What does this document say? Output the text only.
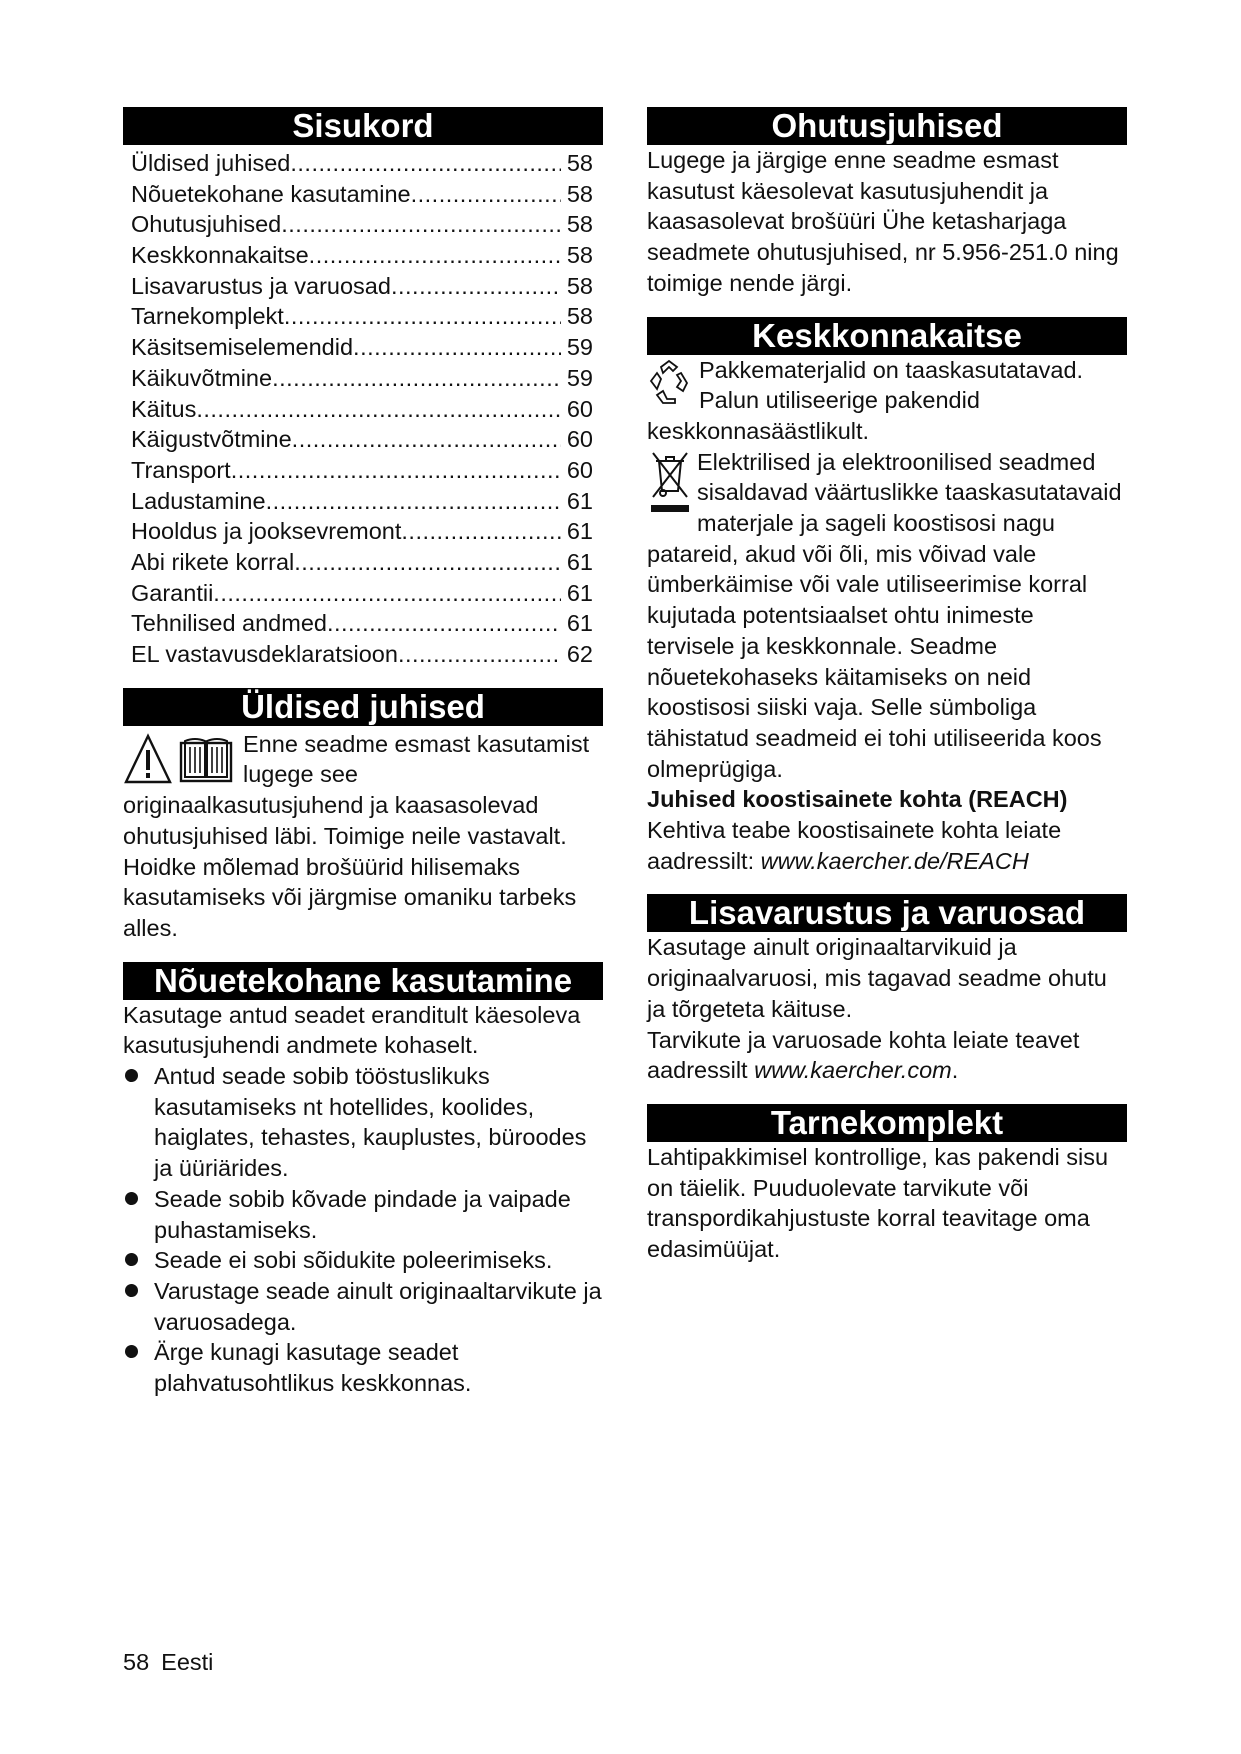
Sisukord
Üldised juhised .....	58
Nõuetekohane kasutamine .....	58
Ohutusjuhised .....	58
Keskkonnakaitse .....	58
Lisavarustus ja varuosad .....	58
Tarnekomplekt .....	58
Käsitsemiselemendid .....	59
Käikuvõtmine .....	59
Käitus .....	60
Käigustvõtmine .....	60
Transport .....	60
Ladustamine .....	61
Hooldus ja jooksevremont .....	61
Abi rikete korral .....	61
Garantii .....	61
Tehnilised andmed .....	61
EL vastavusdeklaratsioon .....	62
Üldised juhised

Enne seadme esmast kasutamist lugege see originaalkasutusjuhend ja kaasasolevad ohutusjuhised läbi. Toimige neile vastavalt.

Hoidke mõlemad brošüürid hilisemaks kasutamiseks või järgmise omaniku tarbeks alles.

Nõuetekohane kasutamine

Kasutage antud seadet eranditult käesoleva kasutusjuhendi andmete kohaselt.

Antud seade sobib tööstuslikuks kasutamiseks nt hotellides, koolides, haiglates, tehastes, kauplustes, büroodes ja üüriärides.
Seade sobib kõvade pindade ja vaipade puhastamiseks.
Seade ei sobi sõidukite poleerimiseks.
Varustage seade ainult originaaltarvikute ja varuosadega.
Ärge kunagi kasutage seadet plahvatusohtlikus keskkonnas.
Ohutusjuhised

Lugege ja järgige enne seadme esmast kasutust käesolevat kasutusjuhendit ja kaasasolevat brošüüri Ühe ketasharjaga seadmete ohutusjuhised, nr 5.956-251.0 ning toimige nende järgi.

Keskkonnakaitse

Pakkematerjalid on taaskasutatavad. Palun utiliseerige pakendid keskkonnasäästlikult.

Elektrilised ja elektroonilised seadmed sisaldavad väärtuslikke taaskasutatavaid materjale ja sageli koostisosi nagu patareid, akud või õli, mis võivad vale ümberkäimise või vale utiliseerimise korral kujutada potentsiaalset ohtu inimeste tervisele ja keskkonnale. Seadme nõuetekohaseks käitamiseks on neid koostisosi siiski vaja. Selle sümboliga tähistatud seadmeid ei tohi utiliseerida koos olmeprügiga.

Juhised koostisainete kohta (REACH)

Kehtiva teabe koostisainete kohta leiate aadressilt: www.kaercher.de/REACH

Lisavarustus ja varuosad

Kasutage ainult originaaltarvikuid ja originaalvaruosi, mis tagavad seadme ohutu ja tõrgeteta käituse.

Tarvikute ja varuosade kohta leiate teavet aadressilt www.kaercher.com.

Tarnekomplekt

Lahtipakkimisel kontrollige, kas pakendi sisu on täielik. Puuduolevate tarvikute või transpordikahjustuste korral teavitage oma edasimüüjat.

58 Eesti
